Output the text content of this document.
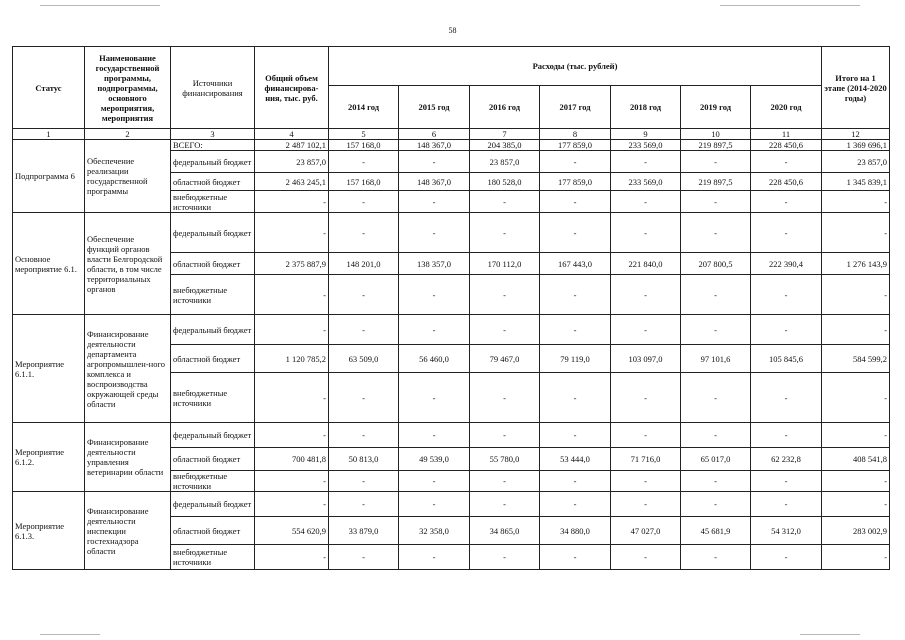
58
Статус	Наименование государственной программы, подпрограммы, основного мероприятия, мероприятия	Источники финансирования	Общий объем финансирова-ния, тыс. руб.	Расходы (тыс. рублей)							Итого на 1 этапе (2014-2020 годы)
				2014 год	2015 год	2016 год	2017 год	2018 год	2019 год	2020 год	
1	2	3	4	5	6	7	8	9	10	11	12
Подпрограмма 6	Обеспечение реализации государственной программы	ВСЕГО:	2 487 102,1	157 168,0	148 367,0	204 385,0	177 859,0	233 569,0	219 897,5	228 450,6	1 369 696,1
		федеральный бюджет	23 857,0	-	-	23 857,0	-	-	-	-	23 857,0
		областной бюджет	2 463 245,1	157 168,0	148 367,0	180 528,0	177 859,0	233 569,0	219 897,5	228 450,6	1 345 839,1
		внебюджетные источники	-	-	-	-	-	-	-	-	-
Основное мероприятие 6.1.	Обеспечение функций органов власти Белгородской области, в том числе территориальных органов	федеральный бюджет	-	-	-	-	-	-	-	-	-
		областной бюджет	2 375 887,9	148 201,0	138 357,0	170 112,0	167 443,0	221 840,0	207 800,5	222 390,4	1 276 143,9
		внебюджетные источники	-	-	-	-	-	-	-	-	-
Мероприятие 6.1.1.	Финансирование деятельности департамента агропромышлен-ного комплекса и воспроизводства окружающей среды области	федеральный бюджет	-	-	-	-	-	-	-	-	-
		областной бюджет	1 120 785,2	63 509,0	56 460,0	79 467,0	79 119,0	103 097,0	97 101,6	105 845,6	584 599,2
		внебюджетные источники	-	-	-	-	-	-	-	-	-
Мероприятие 6.1.2.	Финансирование деятельности управления ветеринарии области	федеральный бюджет	-	-	-	-	-	-	-	-	-
		областной бюджет	700 481,8	50 813,0	49 539,0	55 780,0	53 444,0	71 716,0	65 017,0	62 232,8	408 541,8
		внебюджетные источники	-	-	-	-	-	-	-	-	-
Мероприятие 6.1.3.	Финансирование деятельности инспекции гостехнадзора области	федеральный бюджет	-	-	-	-	-	-	-	-	-
		областной бюджет	554 620,9	33 879,0	32 358,0	34 865,0	34 880,0	47 027,0	45 681,9	54 312,0	283 002,9
		внебюджетные источники	-	-	-	-	-	-	-	-	-
